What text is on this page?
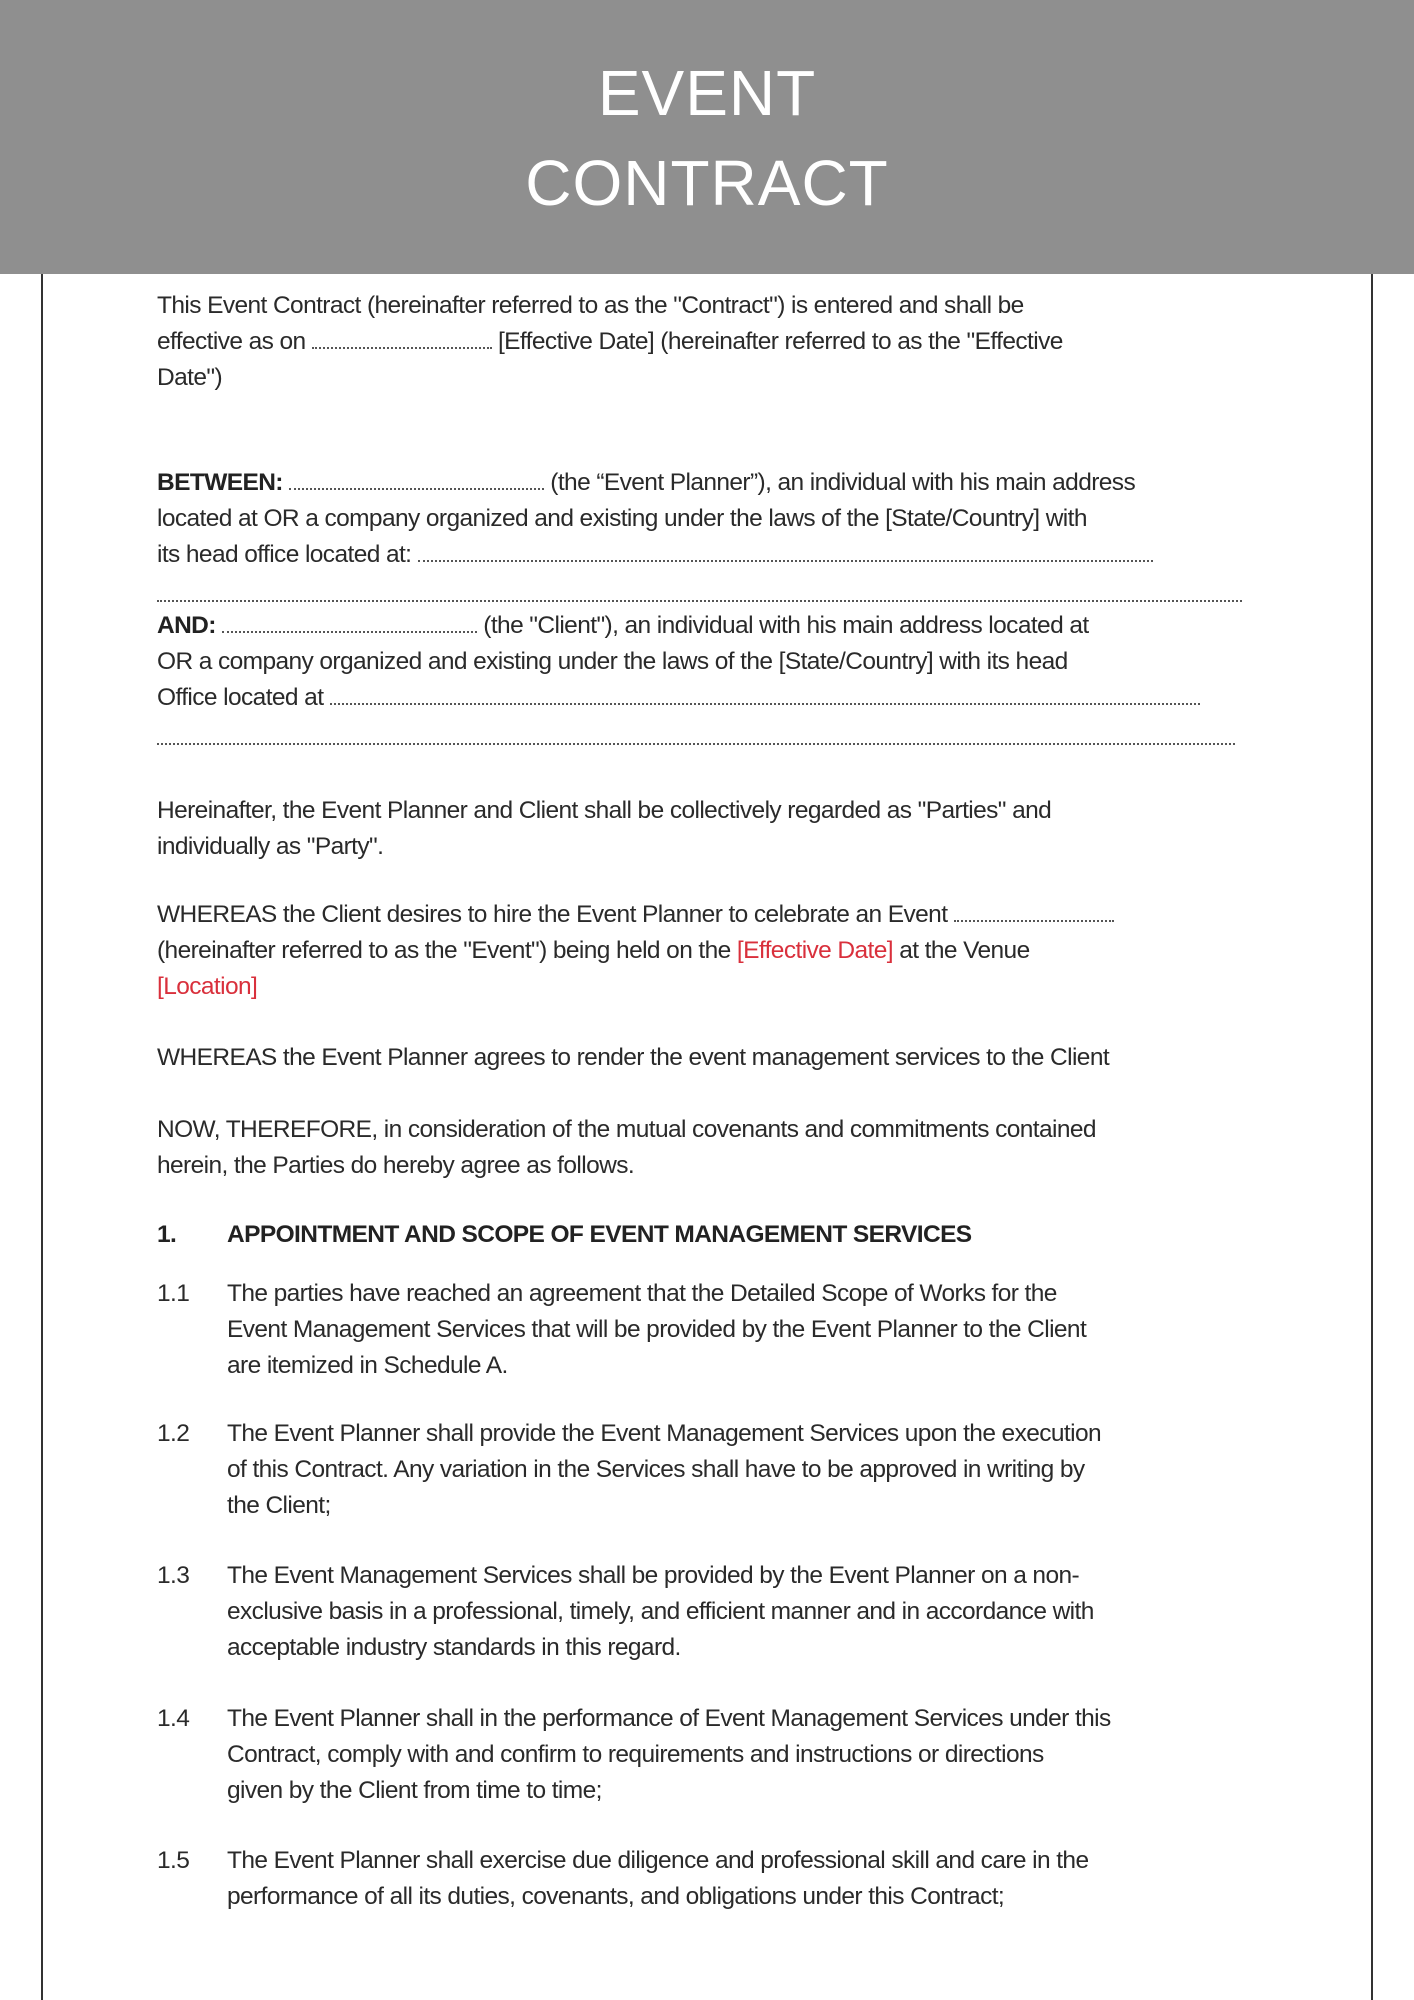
EVENT
CONTRACT
This Event Contract (hereinafter referred to as the "Contract") is entered and shall be
effective as on	[Effective Date] (hereinafter referred to as the "Effective
Date")
BETWEEN:	(the “Event Planner”), an individual with his main address
located at OR a company organized and existing under the laws of the [State/Country] with
its head office located at:
AND:	(the "Client"), an individual with his main address located at
OR a company organized and existing under the laws of the [State/Country] with its head
Office located at
Hereinafter, the Event Planner and Client shall be collectively regarded as "Parties" and
individually as "Party".
WHEREAS the Client desires to hire the Event Planner to celebrate an Event
(hereinafter referred to as the "Event") being held on the [Effective Date] at the Venue
[Location]
WHEREAS the Event Planner agrees to render the event management services to the Client
NOW, THEREFORE, in consideration of the mutual covenants and commitments contained
herein, the Parties do hereby agree as follows.
1. APPOINTMENT AND SCOPE OF EVENT MANAGEMENT SERVICES
1.1 The parties have reached an agreement that the Detailed Scope of Works for the
Event Management Services that will be provided by the Event Planner to the Client
are itemized in Schedule A.
1.2 The Event Planner shall provide the Event Management Services upon the execution
of this Contract. Any variation in the Services shall have to be approved in writing by
the Client;
1.3 The Event Management Services shall be provided by the Event Planner on a non-
exclusive basis in a professional, timely, and efficient manner and in accordance with
acceptable industry standards in this regard.
1.4 The Event Planner shall in the performance of Event Management Services under this
Contract, comply with and confirm to requirements and instructions or directions
given by the Client from time to time;
1.5 The Event Planner shall exercise due diligence and professional skill and care in the
performance of all its duties, covenants, and obligations under this Contract;
